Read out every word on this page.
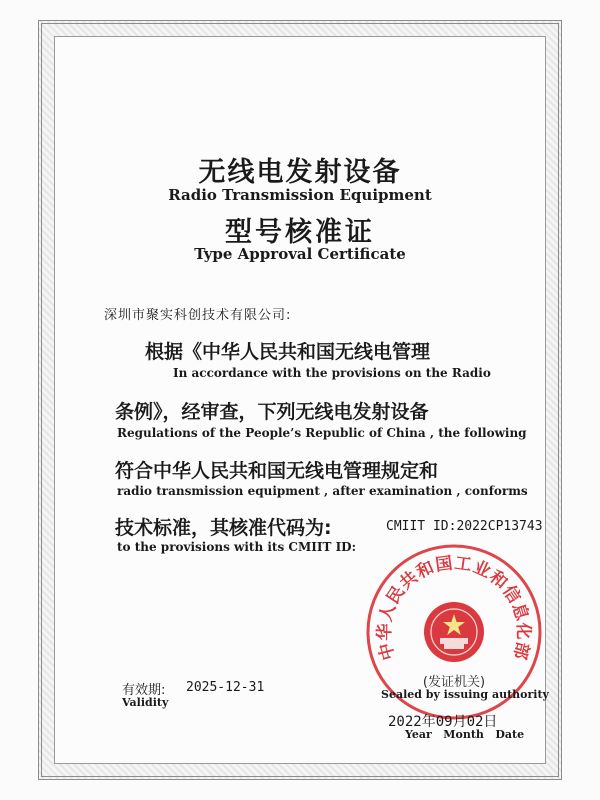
无线电发射设备
Radio Transmission Equipment
型号核准证
Type Approval Certificate
深圳市聚实科创技术有限公司:
根据《中华人民共和国无线电管理
In accordance with the provisions on the Radio
条例》，经审查，下列无线电发射设备
Regulations of the People’s Republic of China , the following
符合中华人民共和国无线电管理规定和
radio transmission equipment , after examination , conforms
技术标准，其核准代码为:
to the provisions with its CMIIT ID:
CMIIT ID:2022CP13743
中华人民共和国工业和信息化部
(发证机关)
有效期: 2025-12-31
Validity
Sealed by issuing authority
2022年09月02日
Year   Month   Date
